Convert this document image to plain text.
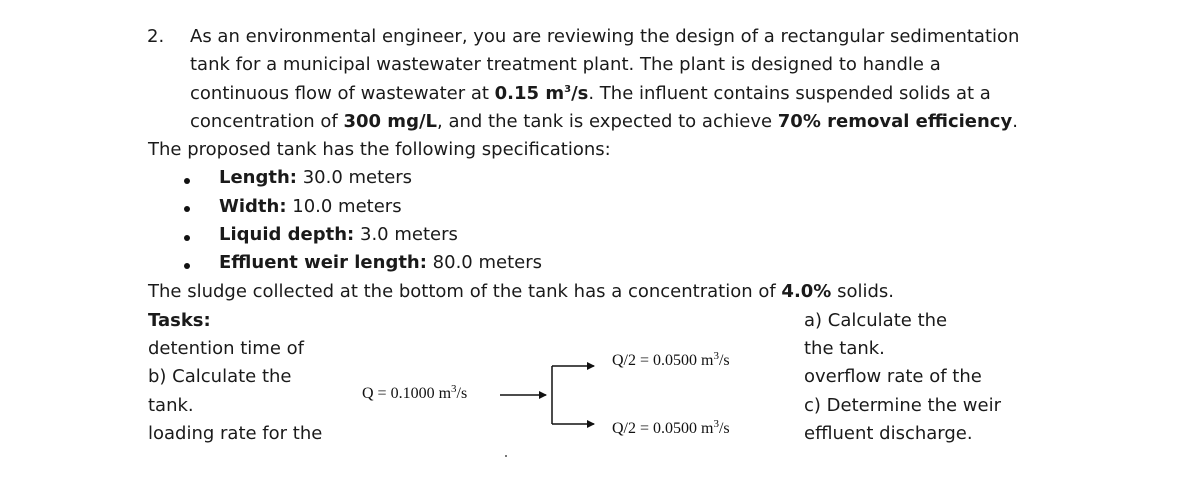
2. As an environmental engineer, you are reviewing the design of a rectangular sedimentation
tank for a municipal wastewater treatment plant. The plant is designed to handle a
continuous flow of wastewater at 0.15 $m^3/s$. The influent contains suspended solids at a
concentration of 300 mg/L, and the tank is expected to achieve 70% removal efficiency.
The proposed tank has the following specifications:
Length: 30.0 meters
Width: 10.0 meters
Liquid depth: 3.0 meters
Effluent weir length: 80.0 meters
The sludge collected at the bottom of the tank has a concentration of 4.0% solids.
Tasks:
detention time of
b) Calculate the
tank.
loading rate for the
a) Calculate the
the tank.
overflow rate of the
c) Determine the weir
effluent discharge.
Q = 0.1000 $m^3/s$
Q/2 = 0.0500 $m^3/s$
Q/2 = 0.0500 $m^3/s$
